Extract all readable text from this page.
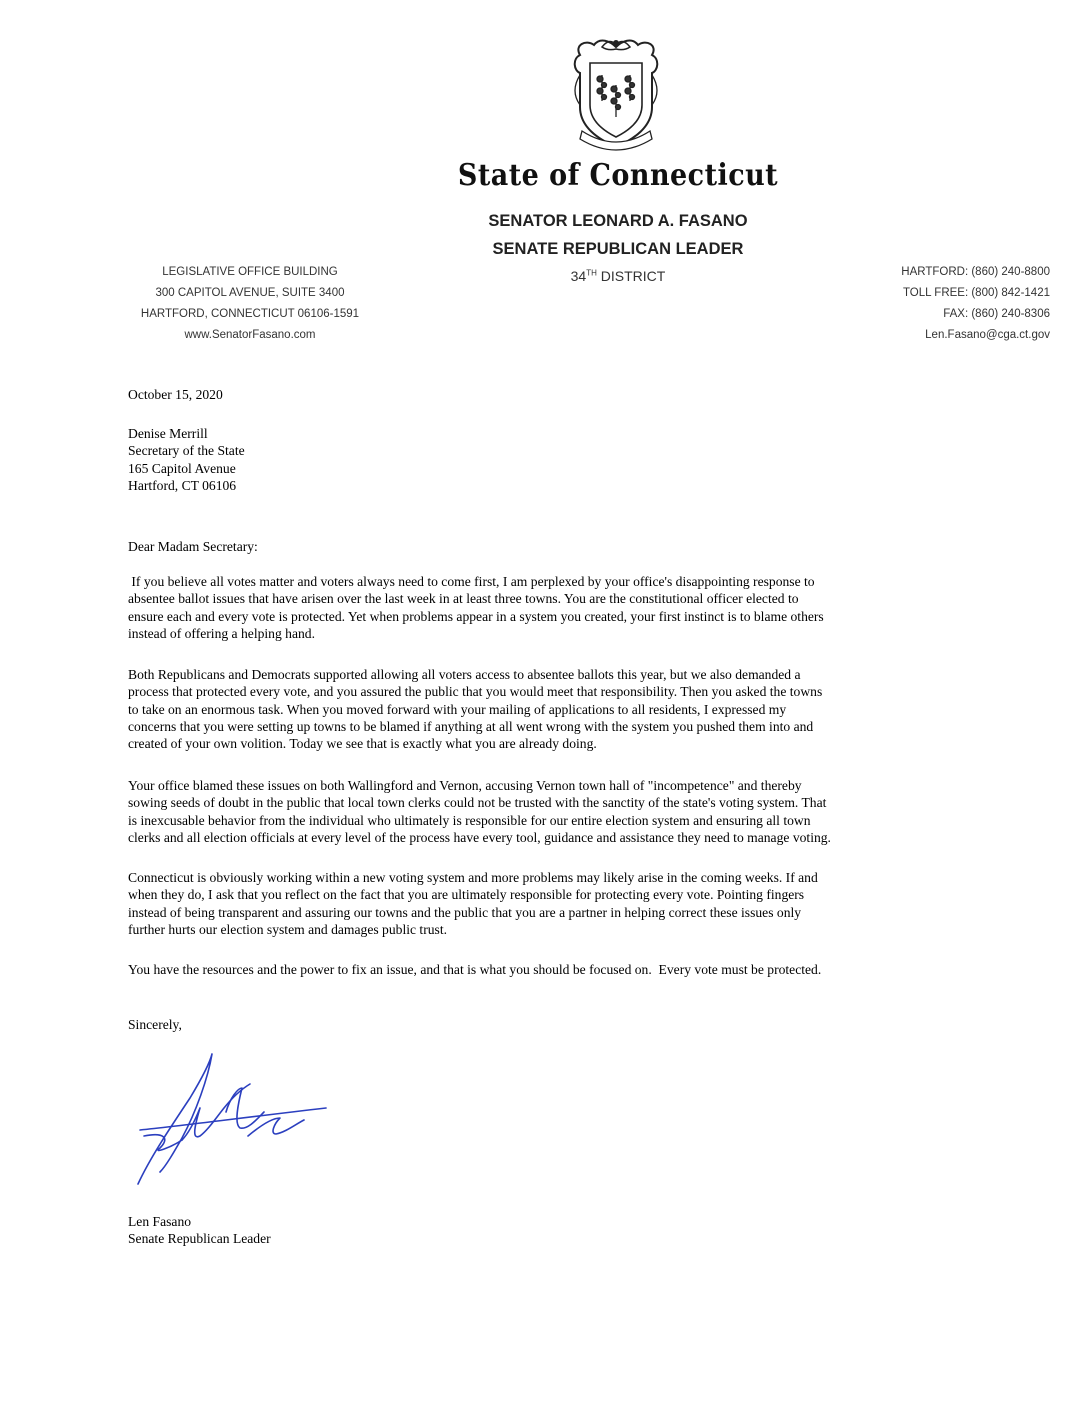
State of Connecticut
SENATOR LEONARD A. FASANO
SENATE REPUBLICAN LEADER
34TH DISTRICT
LEGISLATIVE OFFICE BUILDING
300 CAPITOL AVENUE, SUITE 3400
HARTFORD, CONNECTICUT 06106-1591
www.SenatorFasano.com
HARTFORD: (860) 240-8800
TOLL FREE: (800) 842-1421
FAX: (860) 240-8306
Len.Fasano@cga.ct.gov
October 15, 2020
Denise Merrill
Secretary of the State
165 Capitol Avenue
Hartford, CT 06106
Dear Madam Secretary:
If you believe all votes matter and voters always need to come first, I am perplexed by your office's disappointing response to
absentee ballot issues that have arisen over the last week in at least three towns. You are the constitutional officer elected to
ensure each and every vote is protected. Yet when problems appear in a system you created, your first instinct is to blame others
instead of offering a helping hand.
Both Republicans and Democrats supported allowing all voters access to absentee ballots this year, but we also demanded a
process that protected every vote, and you assured the public that you would meet that responsibility. Then you asked the towns
to take on an enormous task. When you moved forward with your mailing of applications to all residents, I expressed my
concerns that you were setting up towns to be blamed if anything at all went wrong with the system you pushed them into and
created of your own volition. Today we see that is exactly what you are already doing.
Your office blamed these issues on both Wallingford and Vernon, accusing Vernon town hall of "incompetence" and thereby
sowing seeds of doubt in the public that local town clerks could not be trusted with the sanctity of the state's voting system. That
is inexcusable behavior from the individual who ultimately is responsible for our entire election system and ensuring all town
clerks and all election officials at every level of the process have every tool, guidance and assistance they need to manage voting.
Connecticut is obviously working within a new voting system and more problems may likely arise in the coming weeks. If and
when they do, I ask that you reflect on the fact that you are ultimately responsible for protecting every vote. Pointing fingers
instead of being transparent and assuring our towns and the public that you are a partner in helping correct these issues only
further hurts our election system and damages public trust.
You have the resources and the power to fix an issue, and that is what you should be focused on.  Every vote must be protected.
Sincerely,
Len Fasano
Senate Republican Leader
